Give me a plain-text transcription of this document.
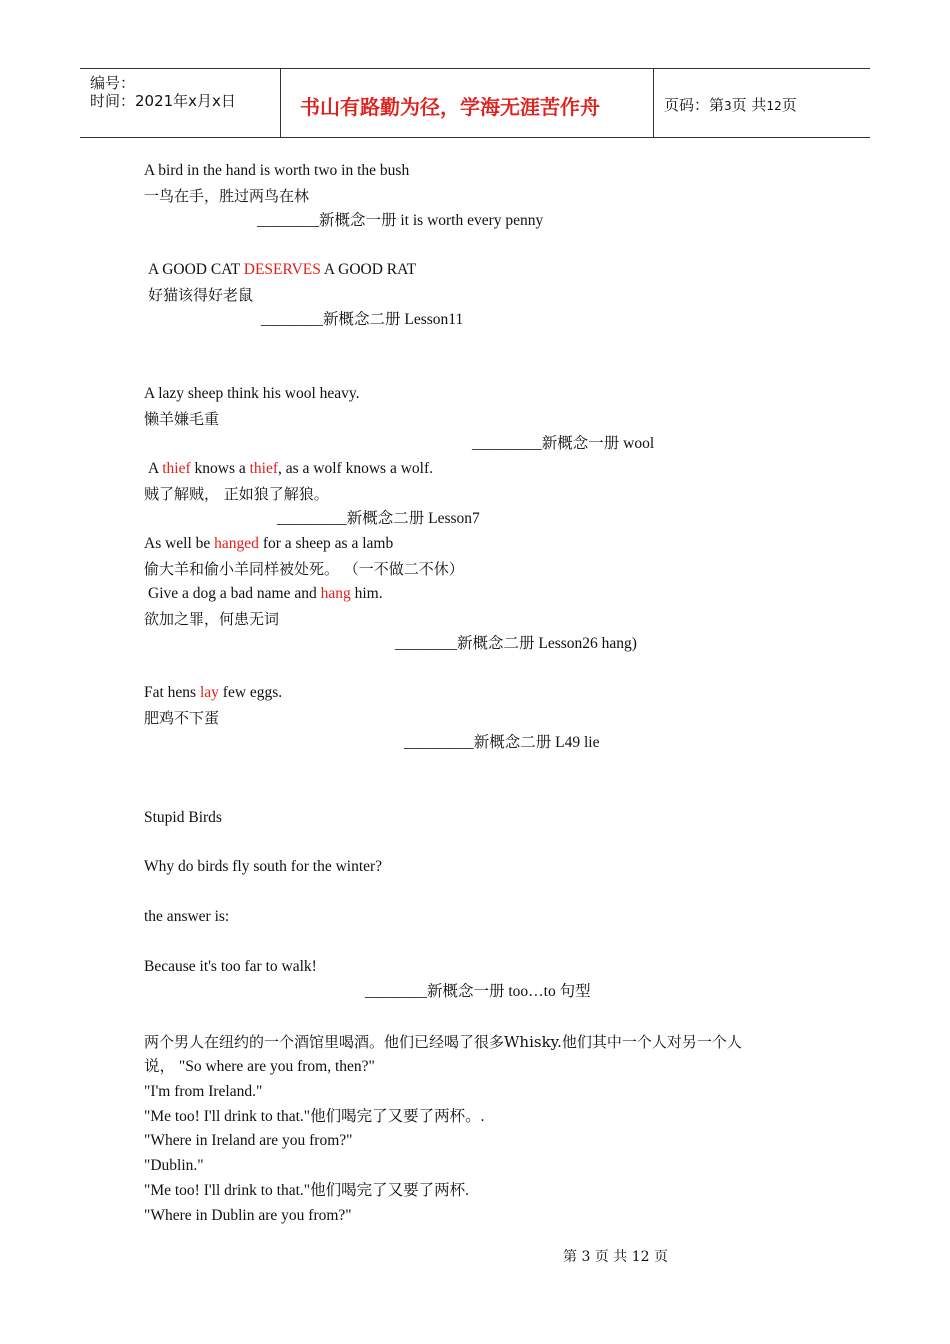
编号：
时间：2021年x月x日	书山有路勤为径，学海无涯苦作舟	页码：第3页 共12页
A bird in the hand is worth two in the bush
一鸟在手，胜过两鸟在林
________新概念一册 it is worth every penny
A GOOD CAT DESERVES A GOOD RAT
好猫该得好老鼠
________新概念二册 Lesson11
A lazy sheep think his wool heavy.
懒羊嫌毛重
_________新概念一册 wool
A thief knows a thief, as a wolf knows a wolf.
贼了解贼， 正如狼了解狼。
_________新概念二册 Lesson7
As well be hanged for a sheep as a lamb
偷大羊和偷小羊同样被处死。 （一不做二不休）
Give a dog a bad name and hang him.
欲加之罪，何患无词
________新概念二册 Lesson26 hang)
Fat hens lay few eggs.
肥鸡不下蛋
_________新概念二册 L49 lie
Stupid Birds
Why do birds fly south for the winter?
the answer is:
Because it's too far to walk!
________新概念一册 too…to 句型
两个男人在纽约的一个酒馆里喝酒。他们已经喝了很多Whisky.他们其中一个人对另一个人
说， "So where are you from, then?"
"I'm from Ireland."
"Me too! I'll drink to that."他们喝完了又要了两杯。.
"Where in Ireland are you from?"
"Dublin."
"Me too! I'll drink to that."他们喝完了又要了两杯.
"Where in Dublin are you from?"
第 3 页 共 12 页
